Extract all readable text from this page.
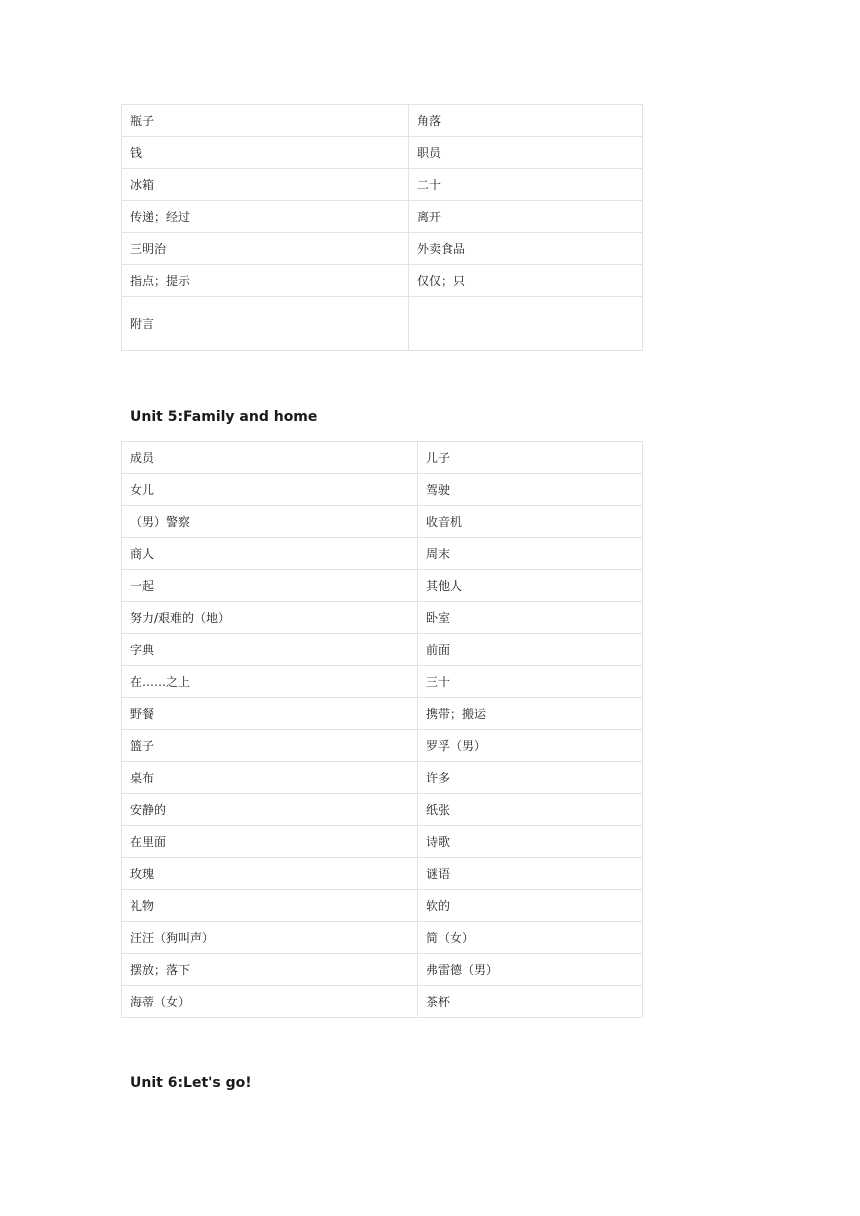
瓶子	角落
钱	职员
冰箱	二十
传递；经过	离开
三明治	外卖食品
指点；提示	仅仅；只
附言	
Unit 5:Family and home
成员	儿子
女儿	驾驶
（男）警察	收音机
商人	周末
一起	其他人
努力/艰难的（地）	卧室
字典	前面
在……之上	三十
野餐	携带；搬运
篮子	罗孚（男）
桌布	许多
安静的	纸张
在里面	诗歌
玫瑰	谜语
礼物	软的
汪汪（狗叫声）	简（女）
摆放；落下	弗雷德（男）
海蒂（女）	茶杯
Unit 6:Let's go!
